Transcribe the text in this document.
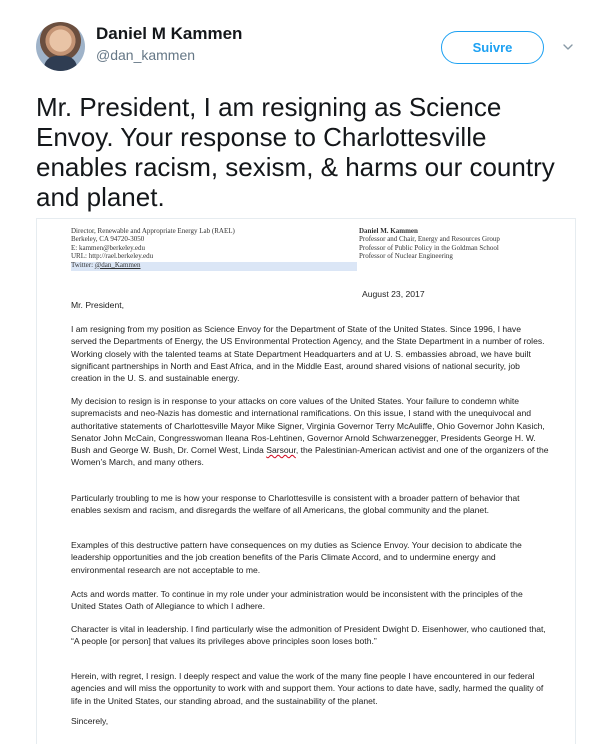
Daniel M Kammen
@dan_kammen	Suivre
Mr. President, I am resigning as Science Envoy. Your response to Charlottesville enables racism, sexism, & harms our country and planet.
Director, Renewable and Appropriate Energy Lab (RAEL)
Berkeley, CA 94720-3050
E: kammen@berkeley.edu
URL: http://rael.berkeley.edu
Twitter: @dan_Kammen
Daniel M. Kammen
Professor and Chair, Energy and Resources Group
Professor of Public Policy in the Goldman School
Professor of Nuclear Engineering
August 23, 2017
Mr. President,
I am resigning from my position as Science Envoy for the Department of State of the United States. Since 1996, I have served the Departments of Energy, the US Environmental Protection Agency, and the State Department in a number of roles. Working closely with the talented teams at State Department Headquarters and at U. S. embassies abroad, we have built significant partnerships in North and East Africa, and in the Middle East, around shared visions of national security, job creation in the U. S. and sustainable energy.
My decision to resign is in response to your attacks on core values of the United States. Your failure to condemn white supremacists and neo-Nazis has domestic and international ramifications. On this issue, I stand with the unequivocal and authoritative statements of Charlottesville Mayor Mike Signer, Virginia Governor Terry McAuliffe, Ohio Governor John Kasich, Senator John McCain, Congresswoman Ileana Ros-Lehtinen, Governor Arnold Schwarzenegger, Presidents George H. W. Bush and George W. Bush, Dr. Cornel West, Linda Sarsour, the Palestinian-American activist and one of the organizers of the Women’s March, and many others.
Particularly troubling to me is how your response to Charlottesville is consistent with a broader pattern of behavior that enables sexism and racism, and disregards the welfare of all Americans, the global community and the planet.
Examples of this destructive pattern have consequences on my duties as Science Envoy. Your decision to abdicate the leadership opportunities and the job creation benefits of the Paris Climate Accord, and to undermine energy and environmental research are not acceptable to me.
Acts and words matter. To continue in my role under your administration would be inconsistent with the principles of the United States Oath of Allegiance to which I adhere.
Character is vital in leadership. I find particularly wise the admonition of President Dwight D. Eisenhower, who cautioned that, “A people [or person] that values its privileges above principles soon loses both.”
Herein, with regret, I resign. I deeply respect and value the work of the many fine people I have encountered in our federal agencies and will miss the opportunity to work with and support them. Your actions to date have, sadly, harmed the quality of life in the United States, our standing abroad, and the sustainability of the planet.
Sincerely,
